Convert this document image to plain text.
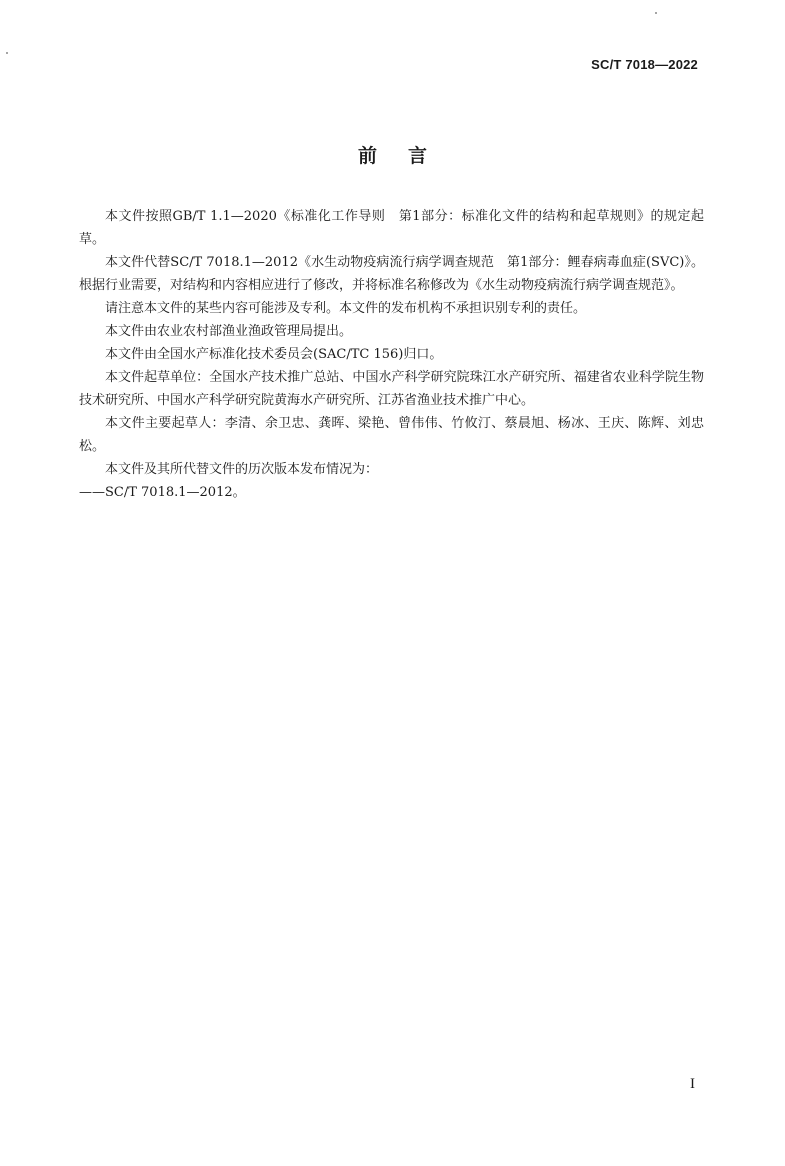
SC/T 7018—2022
前言

本文件按照GB/T 1.1—2020《标准化工作导则　第1部分：标准化文件的结构和起草规则》的规定起草。

本文件代替SC/T 7018.1—2012《水生动物疫病流行病学调查规范　第1部分：鲤春病毒血症(SVC)》。根据行业需要，对结构和内容相应进行了修改，并将标准名称修改为《水生动物疫病流行病学调查规范》。

请注意本文件的某些内容可能涉及专利。本文件的发布机构不承担识别专利的责任。

本文件由农业农村部渔业渔政管理局提出。

本文件由全国水产标准化技术委员会(SAC/TC 156)归口。

本文件起草单位：全国水产技术推广总站、中国水产科学研究院珠江水产研究所、福建省农业科学院生物技术研究所、中国水产科学研究院黄海水产研究所、江苏省渔业技术推广中心。

本文件主要起草人：李清、余卫忠、龚晖、梁艳、曾伟伟、竹攸汀、蔡晨旭、杨冰、王庆、陈辉、刘忠松。

本文件及其所代替文件的历次版本发布情况为：

——SC/T 7018.1—2012。

I
